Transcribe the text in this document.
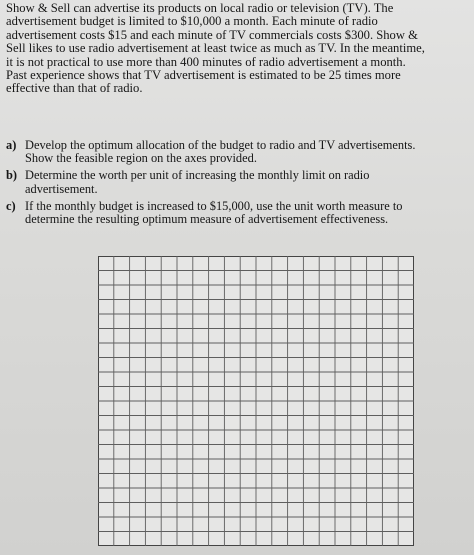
Show & Sell can advertise its products on local radio or television (TV). The
advertisement budget is limited to $10,000 a month. Each minute of radio
advertisement costs $15 and each minute of TV commercials costs $300. Show &
Sell likes to use radio advertisement at least twice as much as TV. In the meantime,
it is not practical to use more than 400 minutes of radio advertisement a month.
Past experience shows that TV advertisement is estimated to be 25 times more
effective than that of radio.

a) Develop the optimum allocation of the budget to radio and TV advertisements.
Show the feasible region on the axes provided.
b) Determine the worth per unit of increasing the monthly limit on radio
advertisement.
c) If the monthly budget is increased to $15,000, use the unit worth measure to
determine the resulting optimum measure of advertisement effectiveness.
